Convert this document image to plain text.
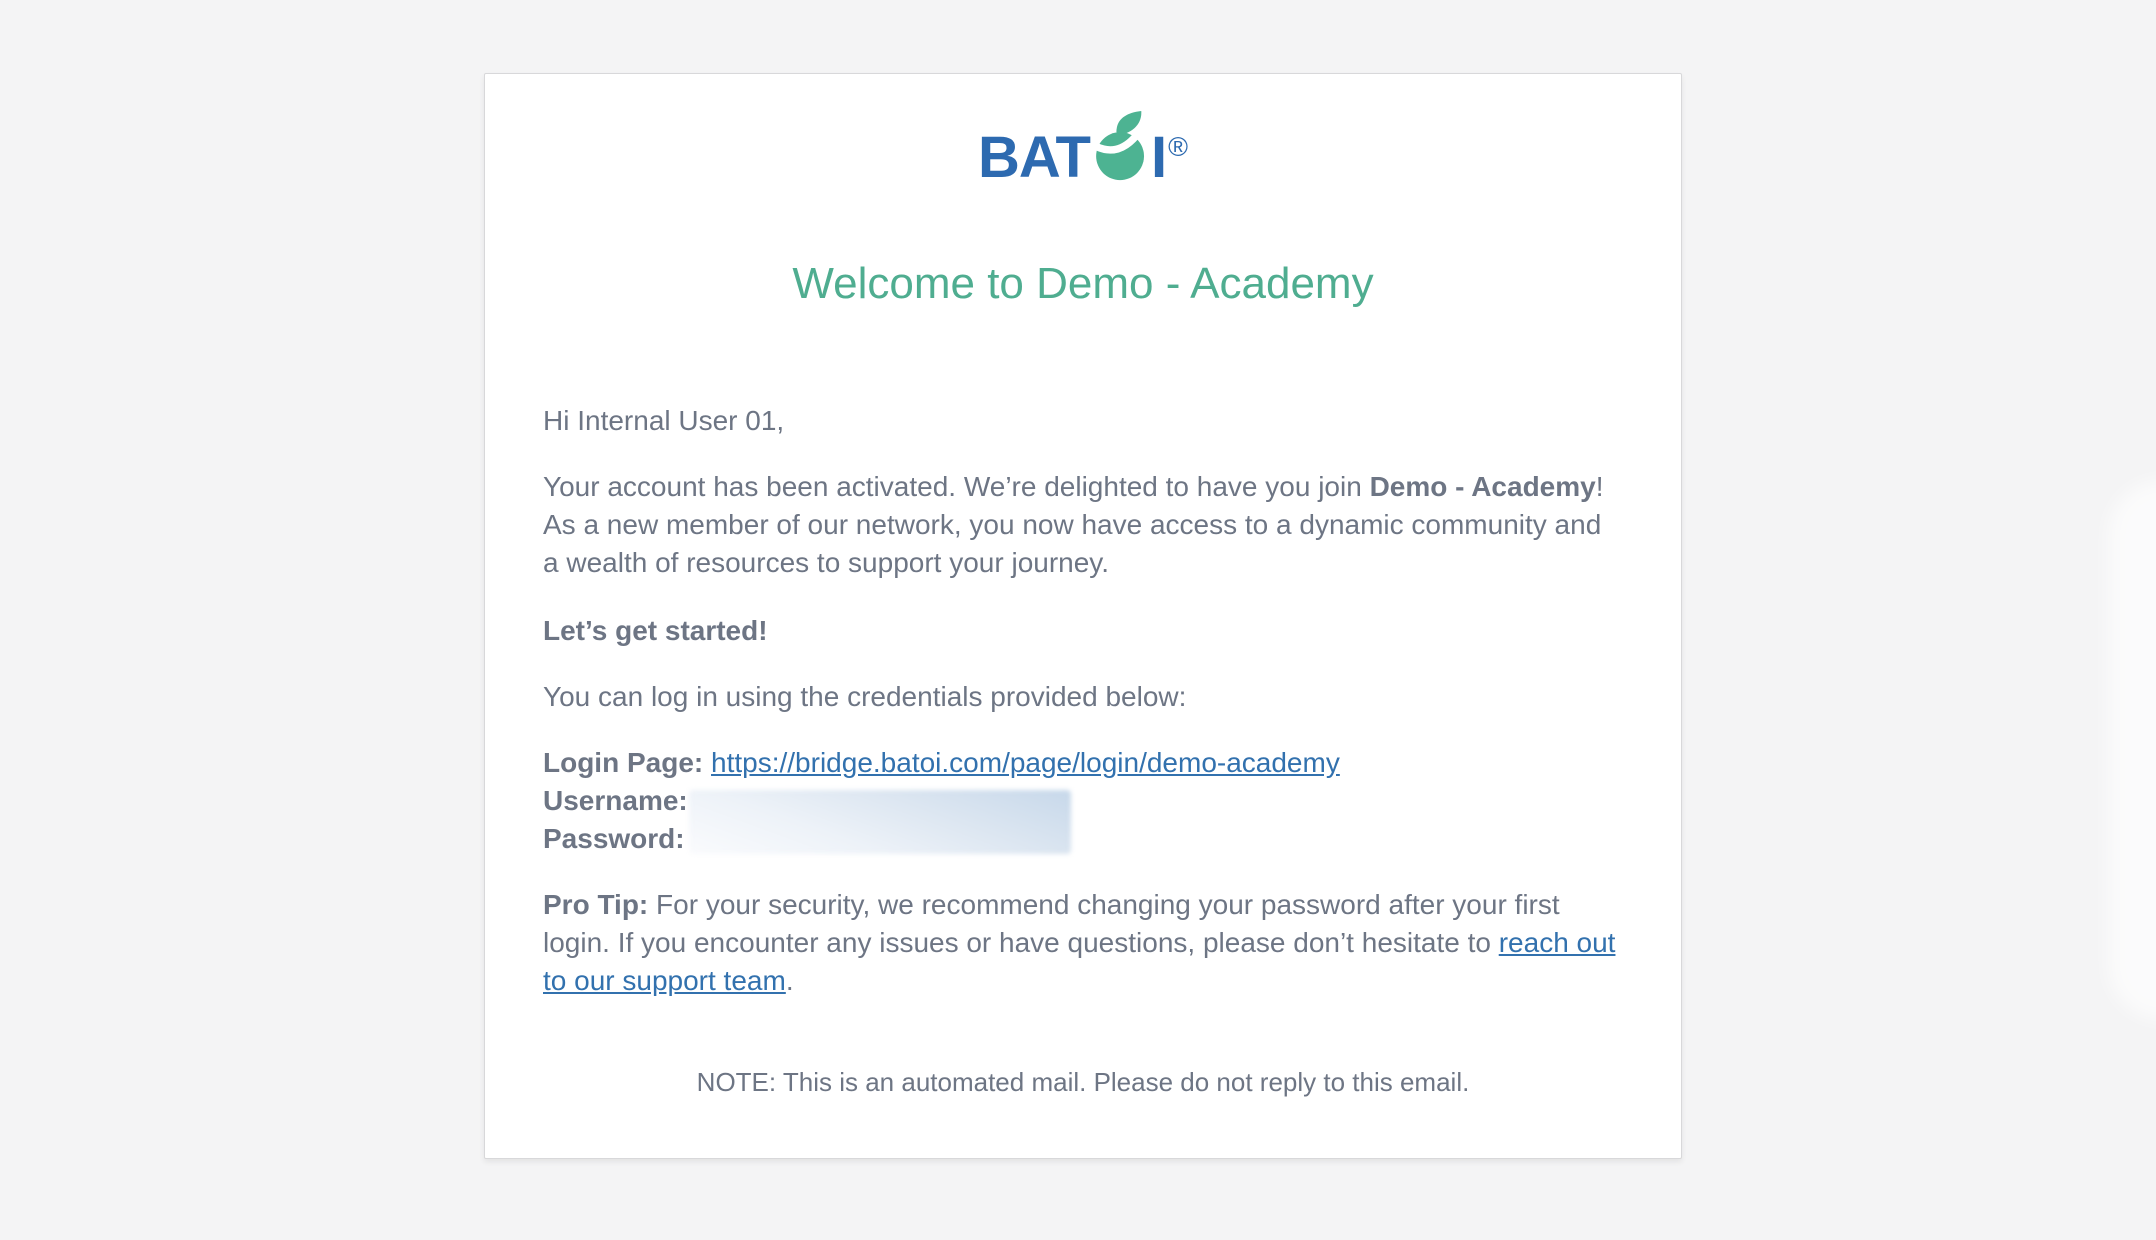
BAT I®
Welcome to Demo - Academy

Hi Internal User 01,

Your account has been activated. We’re delighted to have you join Demo - Academy! As a new member of our network, you now have access to a dynamic community and a wealth of resources to support your journey.

Let’s get started!

You can log in using the credentials provided below:

Login Page: https://bridge.batoi.com/page/login/demo-academy
Username:
Password:

Pro Tip: For your security, we recommend changing your password after your first login. If you encounter any issues or have questions, please don’t hesitate to reach out to our support team.

NOTE: This is an automated mail. Please do not reply to this email.
